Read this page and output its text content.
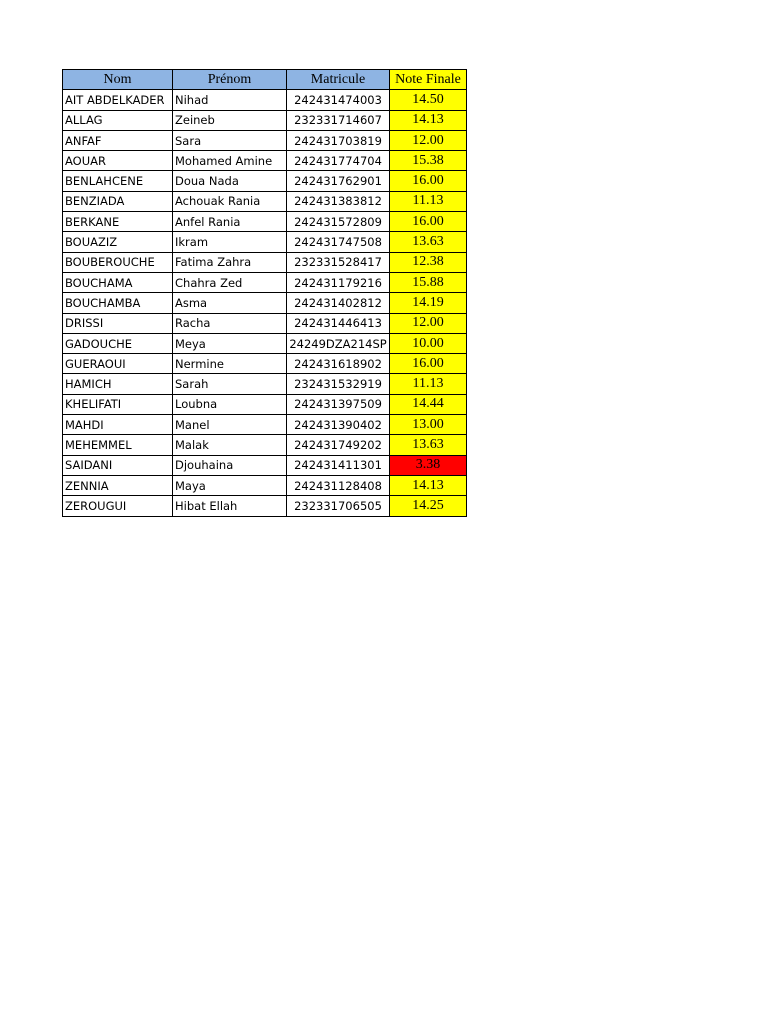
Nom	Prénom	Matricule	Note Finale
AIT ABDELKADER	Nihad	242431474003	14.50
ALLAG	Zeineb	232331714607	14.13
ANFAF	Sara	242431703819	12.00
AOUAR	Mohamed Amine	242431774704	15.38
BENLAHCENE	Doua Nada	242431762901	16.00
BENZIADA	Achouak Rania	242431383812	11.13
BERKANE	Anfel Rania	242431572809	16.00
BOUAZIZ	Ikram	242431747508	13.63
BOUBEROUCHE	Fatima Zahra	232331528417	12.38
BOUCHAMA	Chahra Zed	242431179216	15.88
BOUCHAMBA	Asma	242431402812	14.19
DRISSI	Racha	242431446413	12.00
GADOUCHE	Meya	24249DZA214SP	10.00
GUERAOUI	Nermine	242431618902	16.00
HAMICH	Sarah	232431532919	11.13
KHELIFATI	Loubna	242431397509	14.44
MAHDI	Manel	242431390402	13.00
MEHEMMEL	Malak	242431749202	13.63
SAIDANI	Djouhaina	242431411301	3.38
ZENNIA	Maya	242431128408	14.13
ZEROUGUI	Hibat Ellah	232331706505	14.25
